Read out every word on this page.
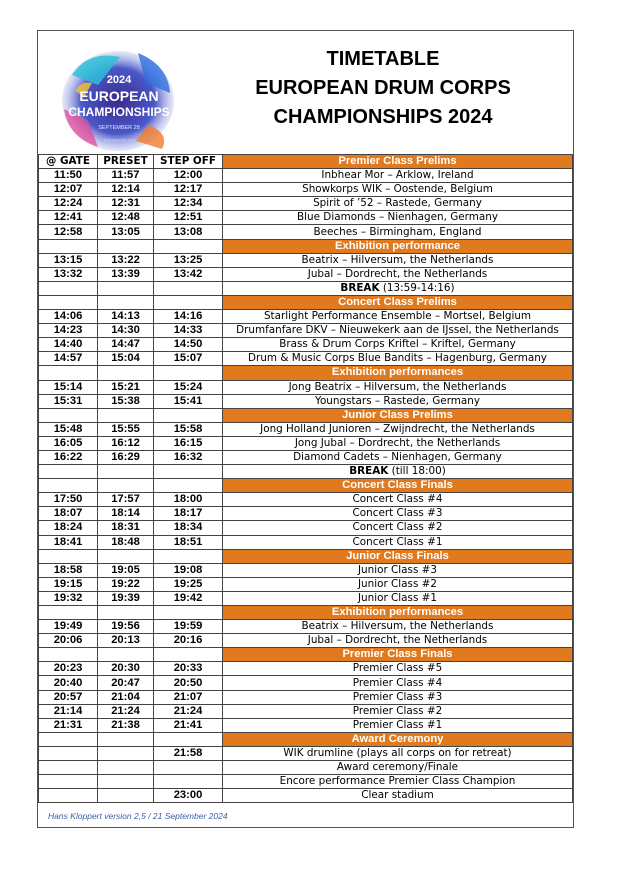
2024
EUROPEAN
CHAMPIONSHIPS
SEPTEMBER 28
POWERED BY
TIMETABLE
EUROPEAN DRUM CORPS
CHAMPIONSHIPS 2024
@ GATE	PRESET	STEP OFF	Premier Class Prelims
11:50	11:57	12:00	Inbhear Mor – Arklow, Ireland
12:07	12:14	12:17	Showkorps WIK – Oostende, Belgium
12:24	12:31	12:34	Spirit of ’52 – Rastede, Germany
12:41	12:48	12:51	Blue Diamonds – Nienhagen, Germany
12:58	13:05	13:08	Beeches – Birmingham, England
			Exhibition performance
13:15	13:22	13:25	Beatrix – Hilversum, the Netherlands
13:32	13:39	13:42	Jubal – Dordrecht, the Netherlands
			BREAK (13:59-14:16)
			Concert Class Prelims
14:06	14:13	14:16	Starlight Performance Ensemble – Mortsel, Belgium
14:23	14:30	14:33	Drumfanfare DKV – Nieuwekerk aan de IJssel, the Netherlands
14:40	14:47	14:50	Brass & Drum Corps Kriftel – Kriftel, Germany
14:57	15:04	15:07	Drum & Music Corps Blue Bandits – Hagenburg, Germany
			Exhibition performances
15:14	15:21	15:24	Jong Beatrix – Hilversum, the Netherlands
15:31	15:38	15:41	Youngstars – Rastede, Germany
			Junior Class Prelims
15:48	15:55	15:58	Jong Holland Junioren – Zwijndrecht, the Netherlands
16:05	16:12	16:15	Jong Jubal – Dordrecht, the Netherlands
16:22	16:29	16:32	Diamond Cadets – Nienhagen, Germany
			BREAK (till 18:00)
			Concert Class Finals
17:50	17:57	18:00	Concert Class #4
18:07	18:14	18:17	Concert Class #3
18:24	18:31	18:34	Concert Class #2
18:41	18:48	18:51	Concert Class #1
			Junior Class Finals
18:58	19:05	19:08	Junior Class #3
19:15	19:22	19:25	Junior Class #2
19:32	19:39	19:42	Junior Class #1
			Exhibition performances
19:49	19:56	19:59	Beatrix – Hilversum, the Netherlands
20:06	20:13	20:16	Jubal – Dordrecht, the Netherlands
			Premier Class Finals
20:23	20:30	20:33	Premier Class #5
20:40	20:47	20:50	Premier Class #4
20:57	21:04	21:07	Premier Class #3
21:14	21:24	21:24	Premier Class #2
21:31	21:38	21:41	Premier Class #1
			Award Ceremony
		21:58	WIK drumline (plays all corps on for retreat)
			Award ceremony/Finale
			Encore performance Premier Class Champion
		23:00	Clear stadium
Hans Kloppert version 2,5 / 21 September 2024
